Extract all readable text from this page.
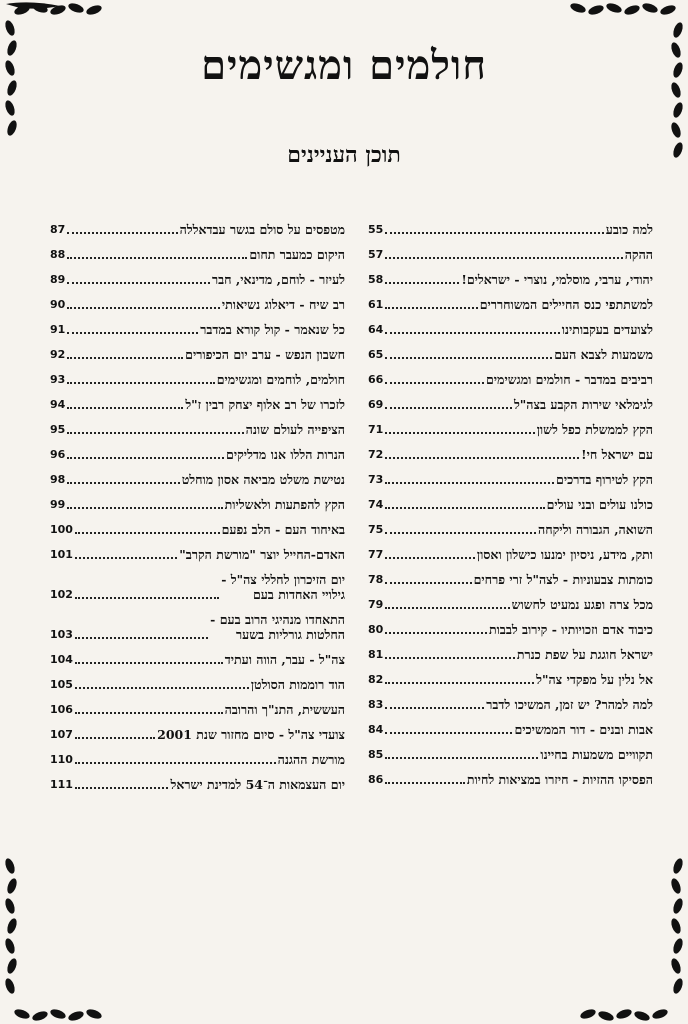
חולמים ומגשימים
תוכן העניינים
למה כובע
55
ההקה
57
יהודי, ערבי, מוסלמי, נוצרי - ישראלים!
58
למשתתפי כנס החיילים המשוחררים
61
לצועדים בעקבותינו
64
משמעות לצבא העם
65
רביבים במדבר - חולמים ומגשימים
66
לגימלאי שירות הקבע בצה"ל
69
הקץ לממשלת כפל לשון
71
עם ישראל חי!
72
הקץ לטירוף בדרכים
73
כולנו עולים ובני עולים
74
השואה, הגבורה וליקחה
75
ותק, מידע, ניסיון ימנעו כישלון ואסון
77
כומתות צבעוניות - לצה"ל זרי פרחים
78
מכל צרה ופגע נמעיט לחשוש
79
כיבוד אדם וזכויותיו - קירוב לבבות
80
ישראל חוגגת על שפת כנרת
81
אל נלין על מפקדי צה"ל
82
למה למהר? יש זמן, המשיכו לדבר
83
אבות ובנים - דור הממשיכים
84
תקוויים משמעות בחיינו
85
הפסיקו ההזיות - חיזרו במציאות לחיות
86
מטפסים על סולם בגשר עבדאללה
87
היקום כמעבר תחום
88
לעיזר - לוחם, מדינאי, חבר
89
רב שיח - דיאלוג נשיאותי
90
כל שנאמר - קול קורא במדבר
91
חשבון הנפש - ערב יום הכיפורים
92
חולמים, לוחמים ומגשימים
93
לזכרו של רב אלוף יצחק רבין ז"ל
94
הציפייה לעולם שונה
95
הנרות הללו אנו מדליקים
96
נטישת משלט מביאה אסון מוחלט
98
הקץ להפתעות ולאשליות
99
באיחוד העם - הלב נפעם
100
האדם-החייל יוצר "מורשת הקרב"
101
יום הזיכרון לחללי צה"ל -
גילויי האחדות בעם
102
התאחדו מנהיגי הרוב בעם -
החלטות גורליות בשער
103
צה"ל - עבר, הווה ועתיד
104
הוד רוממות הסולטן
105
העששית, התנ"ך והרובה
106
צועדי צה"ל - סיום מחזור שנת 2001
107
מורשת ההגנה
110
יום העצמאות ה־54 למדינת ישראל
111
